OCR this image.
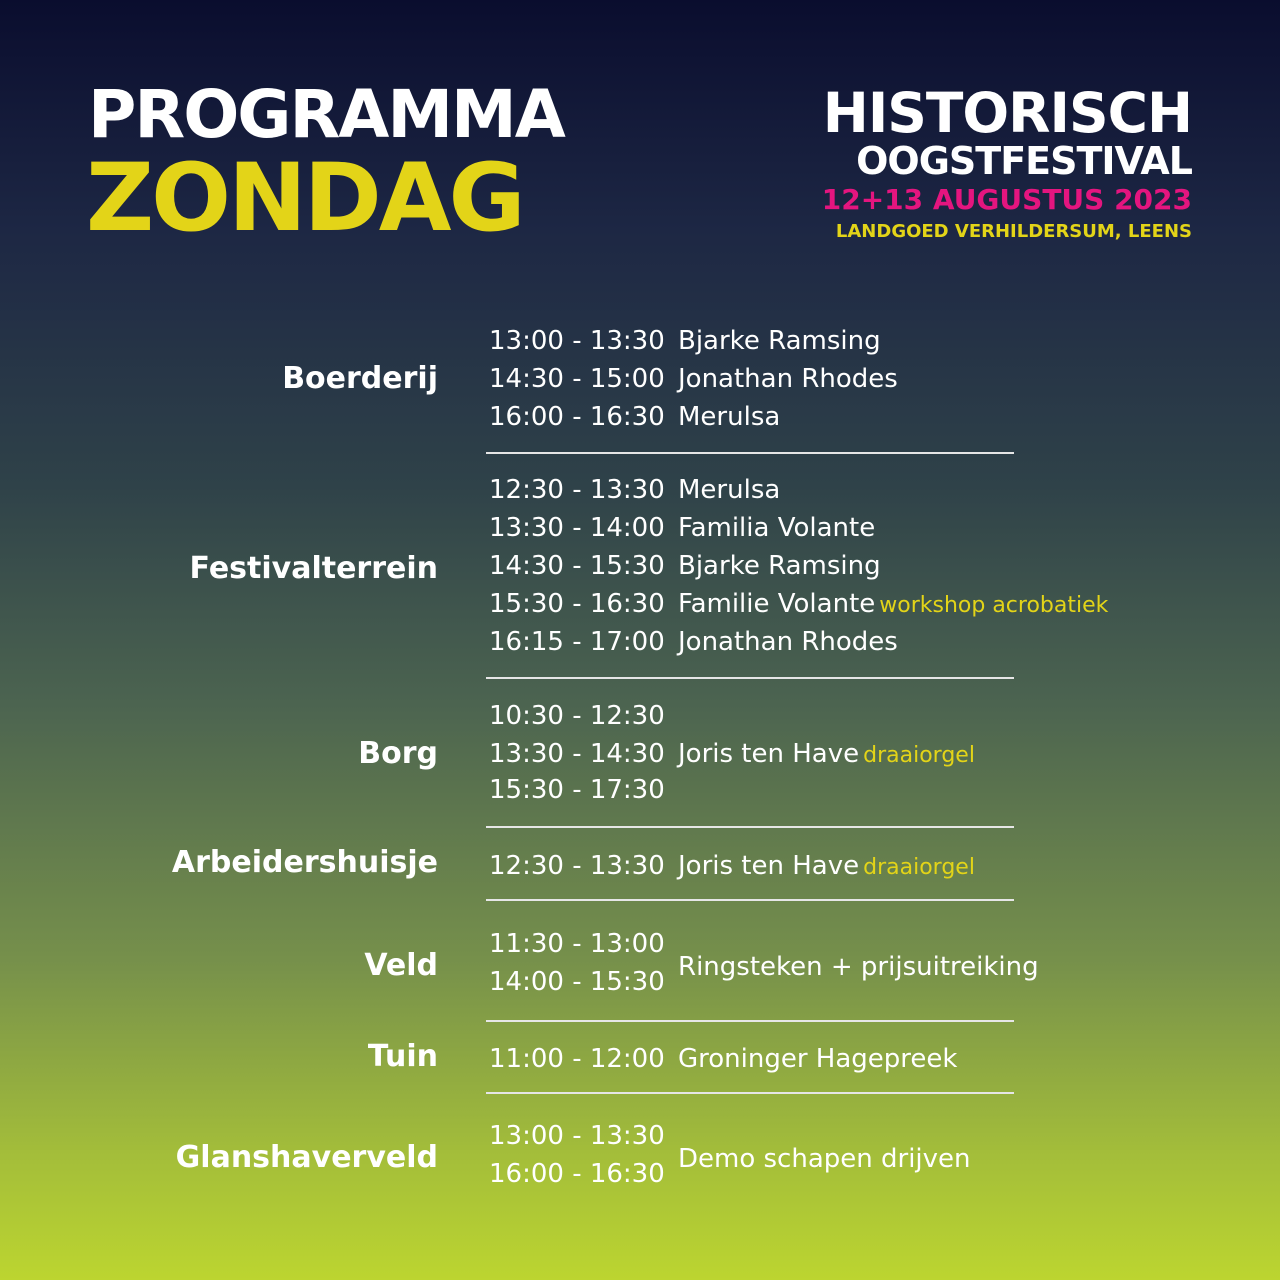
PROGRAMMA
ZONDAG
HISTORISCH
OOGSTFESTIVAL
12+13 AUGUSTUS 2023
LANDGOED VERHILDERSUM, LEENS
Boerderij
13:00 - 13:30 Bjarke Ramsing
14:30 - 15:00 Jonathan Rhodes
16:00 - 16:30 Merulsa
Festivalterrein
12:30 - 13:30 Merulsa
13:30 - 14:00 Familia Volante
14:30 - 15:30 Bjarke Ramsing
15:30 - 16:30 Familie Volante workshop acrobatiek
16:15 - 17:00 Jonathan Rhodes
Borg
10:30 - 12:30
13:30 - 14:30 Joris ten Have draaiorgel
15:30 - 17:30
Arbeidershuisje 12:30 - 13:30 Joris ten Have draaiorgel
Veld
11:30 - 13:00
14:00 - 15:30 Ringsteken + prijsuitreiking
Tuin 11:00 - 12:00 Groninger Hagepreek
Glanshaverveld
13:00 - 13:30
16:00 - 16:30 Demo schapen drijven
